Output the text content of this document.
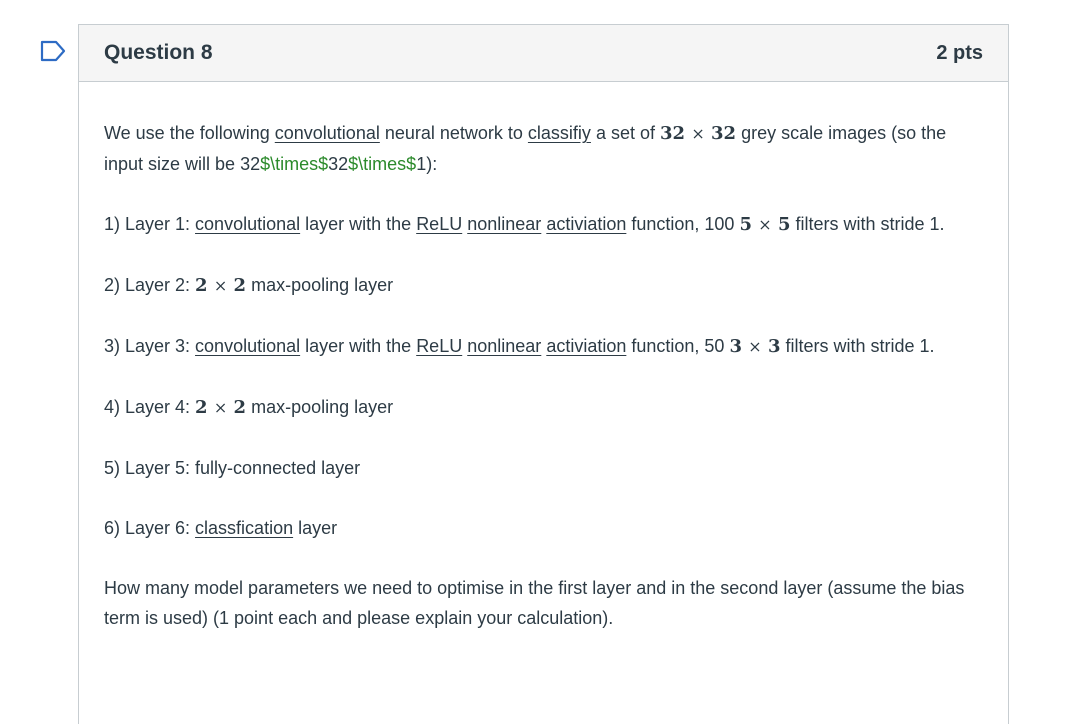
Question 8	2 pts

We use the following convolutional neural network to classifiy a set of 32 × 32 grey scale images (so the input size will be 32$\times$32$\times$1):

1) Layer 1: convolutional layer with the ReLU nonlinear activiation function, 100 5 × 5 filters with stride 1.

2) Layer 2: 2 × 2 max-pooling layer

3) Layer 3: convolutional layer with the ReLU nonlinear activiation function, 50 3 × 3 filters with stride 1.

4) Layer 4: 2 × 2 max-pooling layer

5) Layer 5: fully-connected layer

6) Layer 6: classfication layer

How many model parameters we need to optimise in the first layer and in the second layer (assume the bias term is used) (1 point each and please explain your calculation).
